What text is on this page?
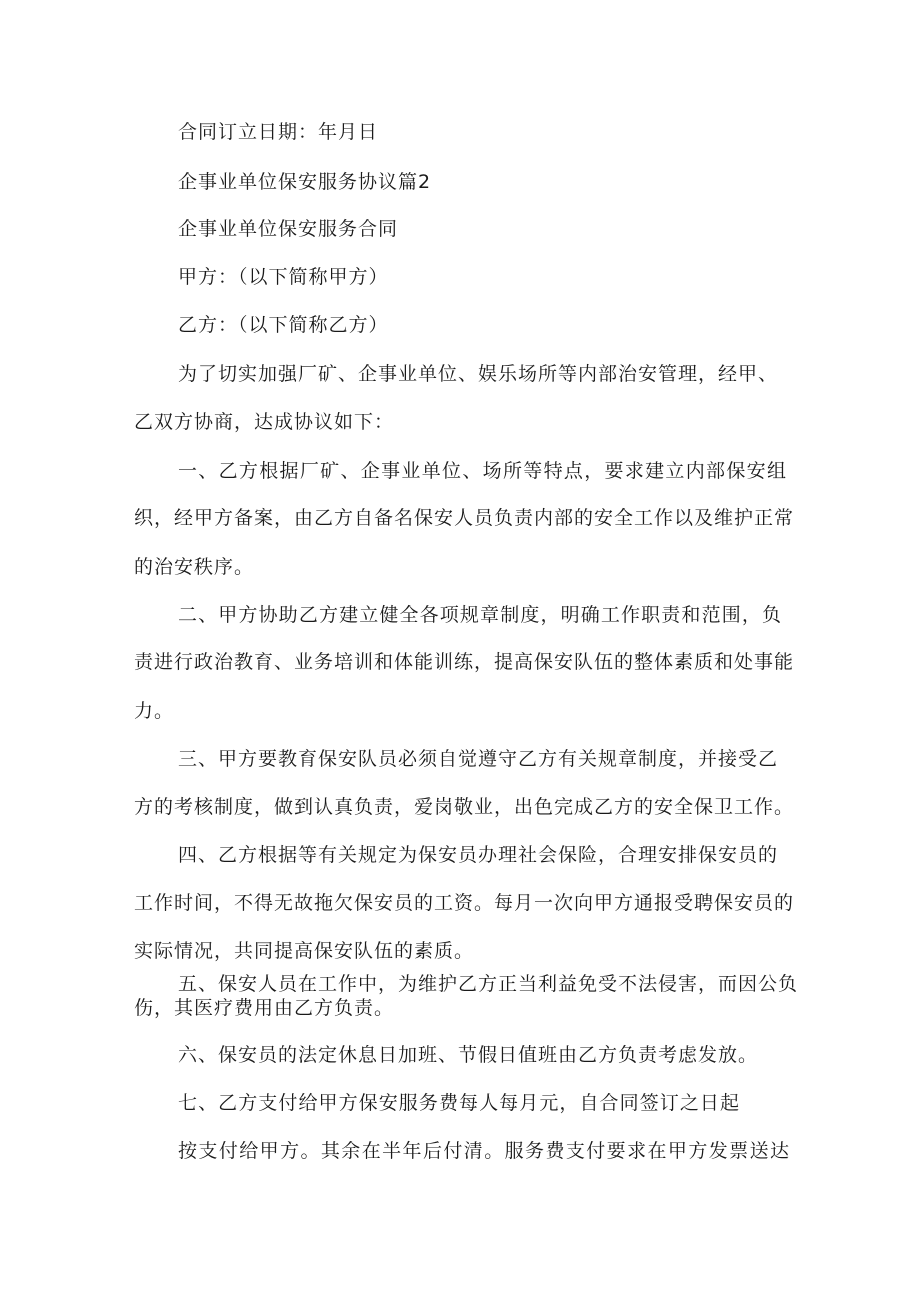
合同订立日期：年月日
企事业单位保安服务协议篇2
企事业单位保安服务合同
甲方：（以下简称甲方）
乙方：（以下简称乙方）
为了切实加强厂矿、企事业单位、娱乐场所等内部治安管理，经甲、
乙双方协商，达成协议如下：
一、乙方根据厂矿、企事业单位、场所等特点，要求建立内部保安组
织，经甲方备案，由乙方自备名保安人员负责内部的安全工作以及维护正常
的治安秩序。
二、甲方协助乙方建立健全各项规章制度，明确工作职责和范围，负
责进行政治教育、业务培训和体能训练，提高保安队伍的整体素质和处事能
力。
三、甲方要教育保安队员必须自觉遵守乙方有关规章制度，并接受乙
方的考核制度，做到认真负责，爱岗敬业，出色完成乙方的安全保卫工作。
四、乙方根据等有关规定为保安员办理社会保险，合理安排保安员的
工作时间，不得无故拖欠保安员的工资。每月一次向甲方通报受聘保安员的
实际情况，共同提高保安队伍的素质。
五、保安人员在工作中，为维护乙方正当利益免受不法侵害，而因公负
伤，其医疗费用由乙方负责。
六、保安员的法定休息日加班、节假日值班由乙方负责考虑发放。
七、乙方支付给甲方保安服务费每人每月元，自合同签订之日起
按支付给甲方。其余在半年后付清。服务费支付要求在甲方发票送达
